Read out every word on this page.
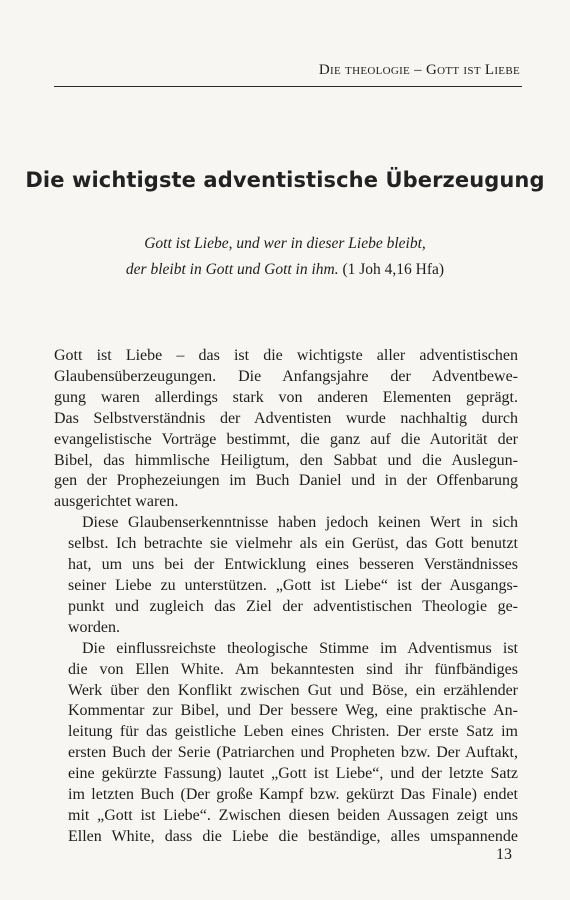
Die theologie – Gott ist Liebe
Die wichtigste adventistische Überzeugung
Gott ist Liebe, und wer in dieser Liebe bleibt,
der bleibt in Gott und Gott in ihm. (1 Joh 4,16 Hfa)

Gott ist Liebe – das ist die wichtigste aller adventistischen
Glaubensüberzeugungen. Die Anfangsjahre der Adventbewe-
gung waren allerdings stark von anderen Elementen geprägt.
Das Selbstverständnis der Adventisten wurde nachhaltig durch
evangelistische Vorträge bestimmt, die ganz auf die Autorität der
Bibel, das himmlische Heiligtum, den Sabbat und die Auslegun-
gen der Prophezeiungen im Buch Daniel und in der Offenbarung
ausgerichtet waren.

Diese Glaubenserkenntnisse haben jedoch keinen Wert in sich
selbst. Ich betrachte sie vielmehr als ein Gerüst, das Gott benutzt
hat, um uns bei der Entwicklung eines besseren Verständnisses
seiner Liebe zu unterstützen. „Gott ist Liebe“ ist der Ausgangs-
punkt und zugleich das Ziel der adventistischen Theologie ge-
worden.

Die einflussreichste theologische Stimme im Adventismus ist
die von Ellen White. Am bekanntesten sind ihr fünfbändiges
Werk über den Konflikt zwischen Gut und Böse, ein erzählender
Kommentar zur Bibel, und Der bessere Weg, eine praktische An-
leitung für das geistliche Leben eines Christen. Der erste Satz im
ersten Buch der Serie (Patriarchen und Propheten bzw. Der Auftakt,
eine gekürzte Fassung) lautet „Gott ist Liebe“, und der letzte Satz
im letzten Buch (Der große Kampf bzw. gekürzt Das Finale) endet
mit „Gott ist Liebe“. Zwischen diesen beiden Aussagen zeigt uns
Ellen White, dass die Liebe die beständige, alles umspannende

13
